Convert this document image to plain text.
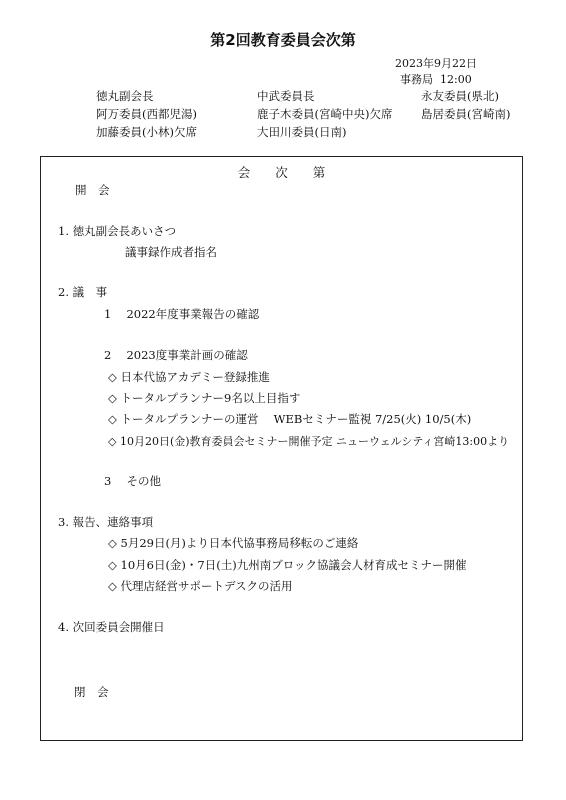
第2回教育委員会次第
2023年9月22日
事務局 12:00
徳丸副会長	中武委員長	永友委員(県北)
阿万委員(西都児湯)	鹿子木委員(宮崎中央)欠席 島居委員(宮崎南)
加藤委員(小林)欠席	大田川委員(日南)
会　　次　　第
開　会
1. 徳丸副会長あいさつ
議事録作成者指名
2. 議　事
1　 2022年度事業報告の確認
2　 2023度事業計画の確認
◇ 日本代協アカデミー登録推進
◇ トータルプランナー9名以上目指す
◇ トータルプランナーの運営　 WEBセミナー監視 7/25(火) 10/5(木)
◇ 10月20日(金)教育委員会セミナー開催予定 ニューウェルシティ宮崎13:00より
3　 その他
3. 報告、連絡事項
◇ 5月29日(月)より日本代協事務局移転のご連絡
◇ 10月6日(金)・7日(土)九州南ブロック協議会人材育成セミナー開催
◇ 代理店経営サポートデスクの活用
4. 次回委員会開催日
閉　会
